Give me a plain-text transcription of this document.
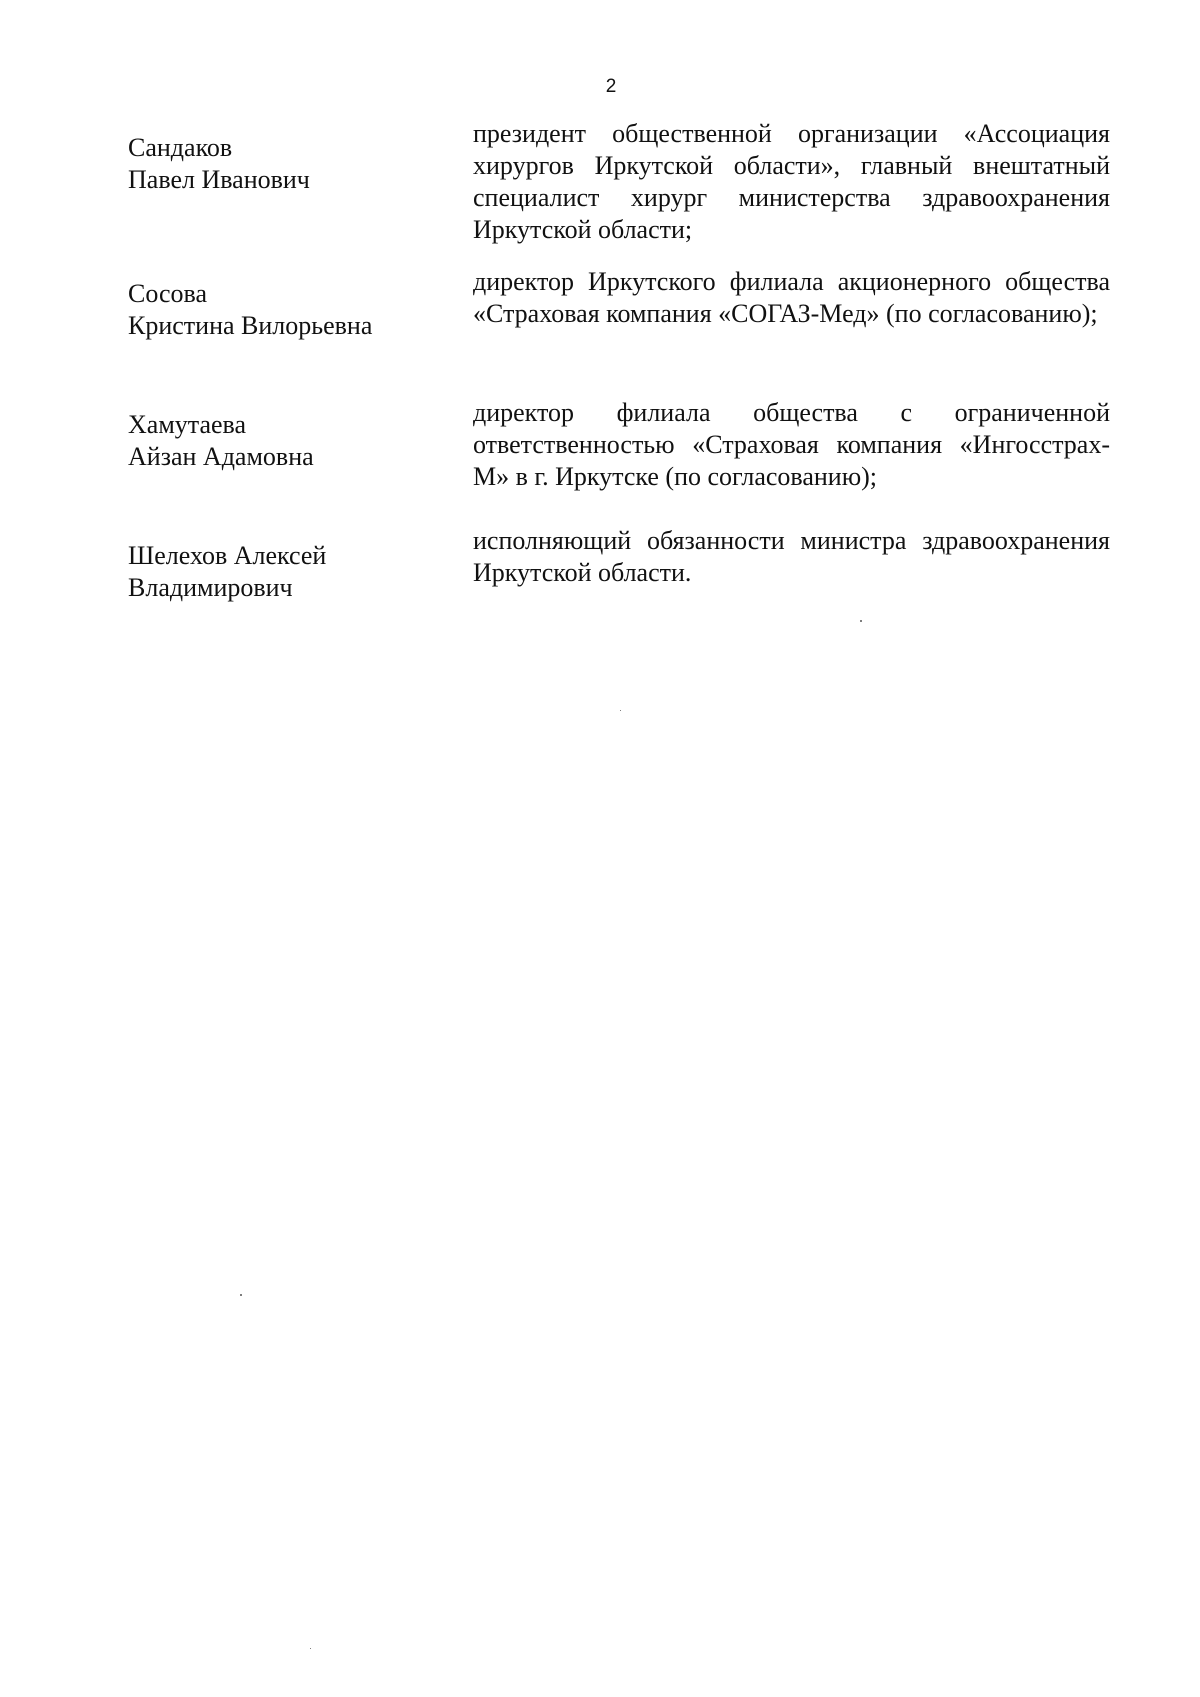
2
Сандаков
Павел Иванович
президент общественной организации «Ассоциация хирургов Иркутской области», главный внештатный специалист хирург министерства здравоохранения Иркутской области;
Сосова
Кристина Вилорьевна
директор Иркутского филиала акционерного общества «Страховая компания «СОГАЗ-Мед» (по согласованию);
Хамутаева
Айзан Адамовна
директор филиала общества с ограниченной ответственностью «Страховая компания «Ингосстрах-М» в г. Иркутске (по согласованию);
Шелехов Алексей
Владимирович
исполняющий обязанности министра здравоохранения Иркутской области.
